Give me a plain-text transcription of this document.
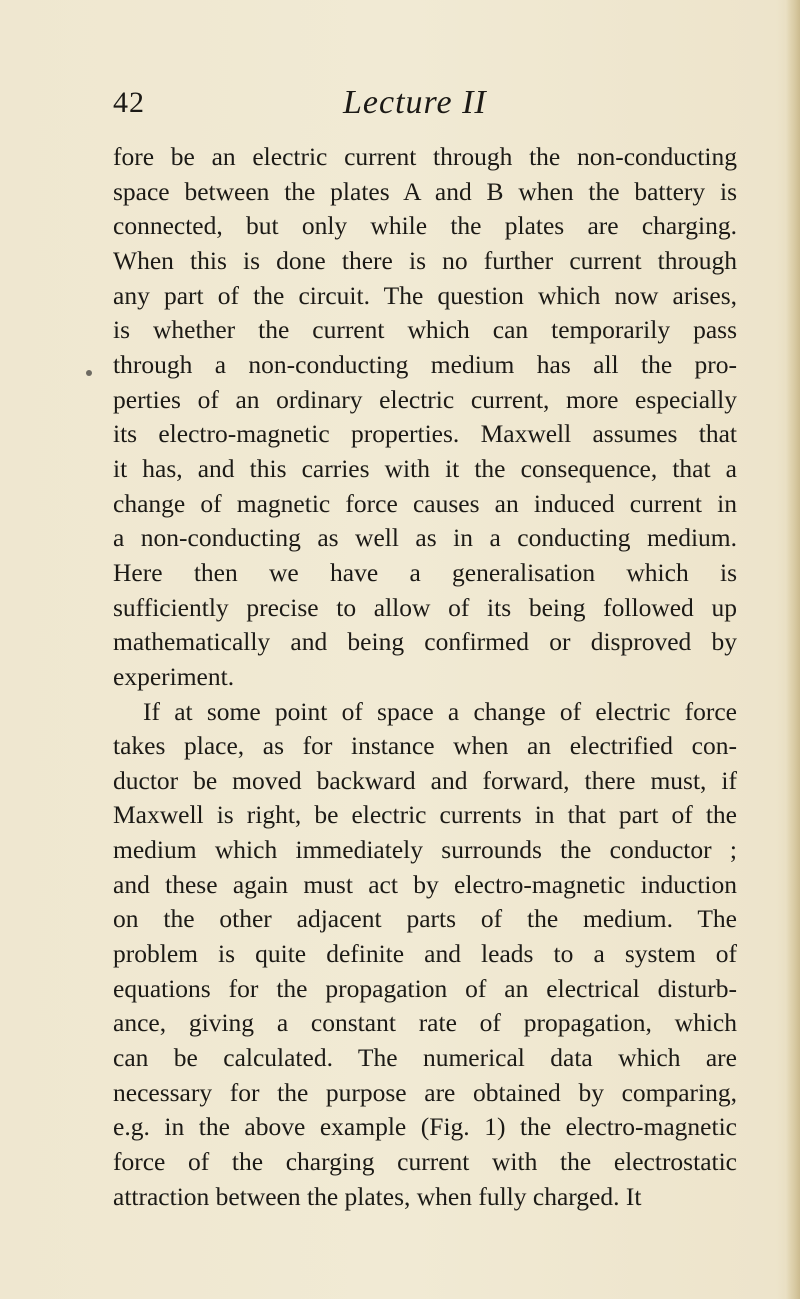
42	Lecture II
fore be an electric current through the non-conducting
space between the plates A and B when the battery is
connected, but only while the plates are charging.
When this is done there is no further current through
any part of the circuit. The question which now arises,
is whether the current which can temporarily pass
through a non-conducting medium has all the pro-
perties of an ordinary electric current, more especially
its electro-magnetic properties. Maxwell assumes that
it has, and this carries with it the consequence, that a
change of magnetic force causes an induced current in
a non-conducting as well as in a conducting medium.
Here then we have a generalisation which is
sufficiently precise to allow of its being followed up
mathematically and being confirmed or disproved by
experiment.
If at some point of space a change of electric force
takes place, as for instance when an electrified con-
ductor be moved backward and forward, there must, if
Maxwell is right, be electric currents in that part of the
medium which immediately surrounds the conductor ;
and these again must act by electro-magnetic induction
on the other adjacent parts of the medium. The
problem is quite definite and leads to a system of
equations for the propagation of an electrical disturb-
ance, giving a constant rate of propagation, which
can be calculated. The numerical data which are
necessary for the purpose are obtained by comparing,
e.g. in the above example (Fig. 1) the electro-magnetic
force of the charging current with the electrostatic
attraction between the plates, when fully charged. It
